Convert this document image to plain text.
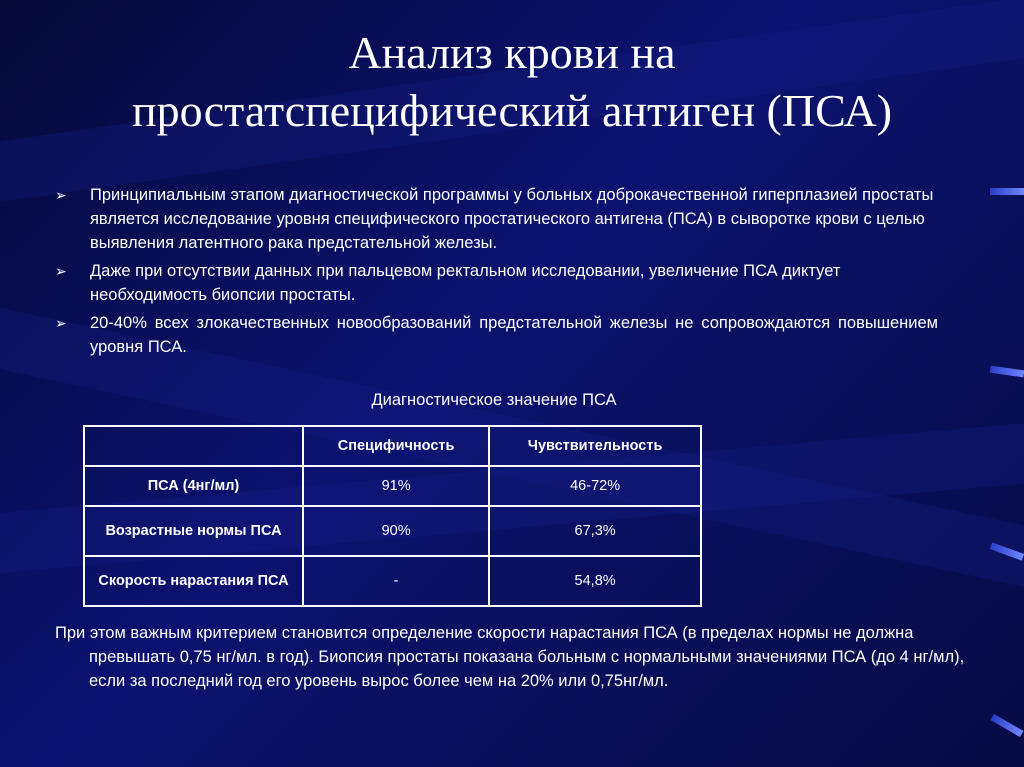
Анализ крови на
простатспецифический антиген (ПСА)
➢ Принципиальным этапом диагностической программы у больных доброкачественной гиперплазией простаты является исследование уровня специфического простатического антигена (ПСА) в сыворотке крови с целью выявления латентного рака предстательной железы.
➢ Даже при отсутствии данных при пальцевом ректальном исследовании, увеличение ПСА диктует необходимость биопсии простаты.
➢ 20-40% всех злокачественных новообразований предстательной железы не сопровождаются повышением уровня ПСА.
Диагностическое значение ПСА
	Специфичность	Чувствительность
ПСА (4нг/мл)	91%	46-72%
Возрастные нормы ПСА	90%	67,3%
Скорость нарастания ПСА	-	54,8%
При этом важным критерием становится определение скорости нарастания ПСА (в пределах нормы не должна превышать 0,75 нг/мл. в год). Биопсия простаты показана больным с нормальными значениями ПСА (до 4 нг/мл), если за последний год его уровень вырос более чем на 20% или 0,75нг/мл.
